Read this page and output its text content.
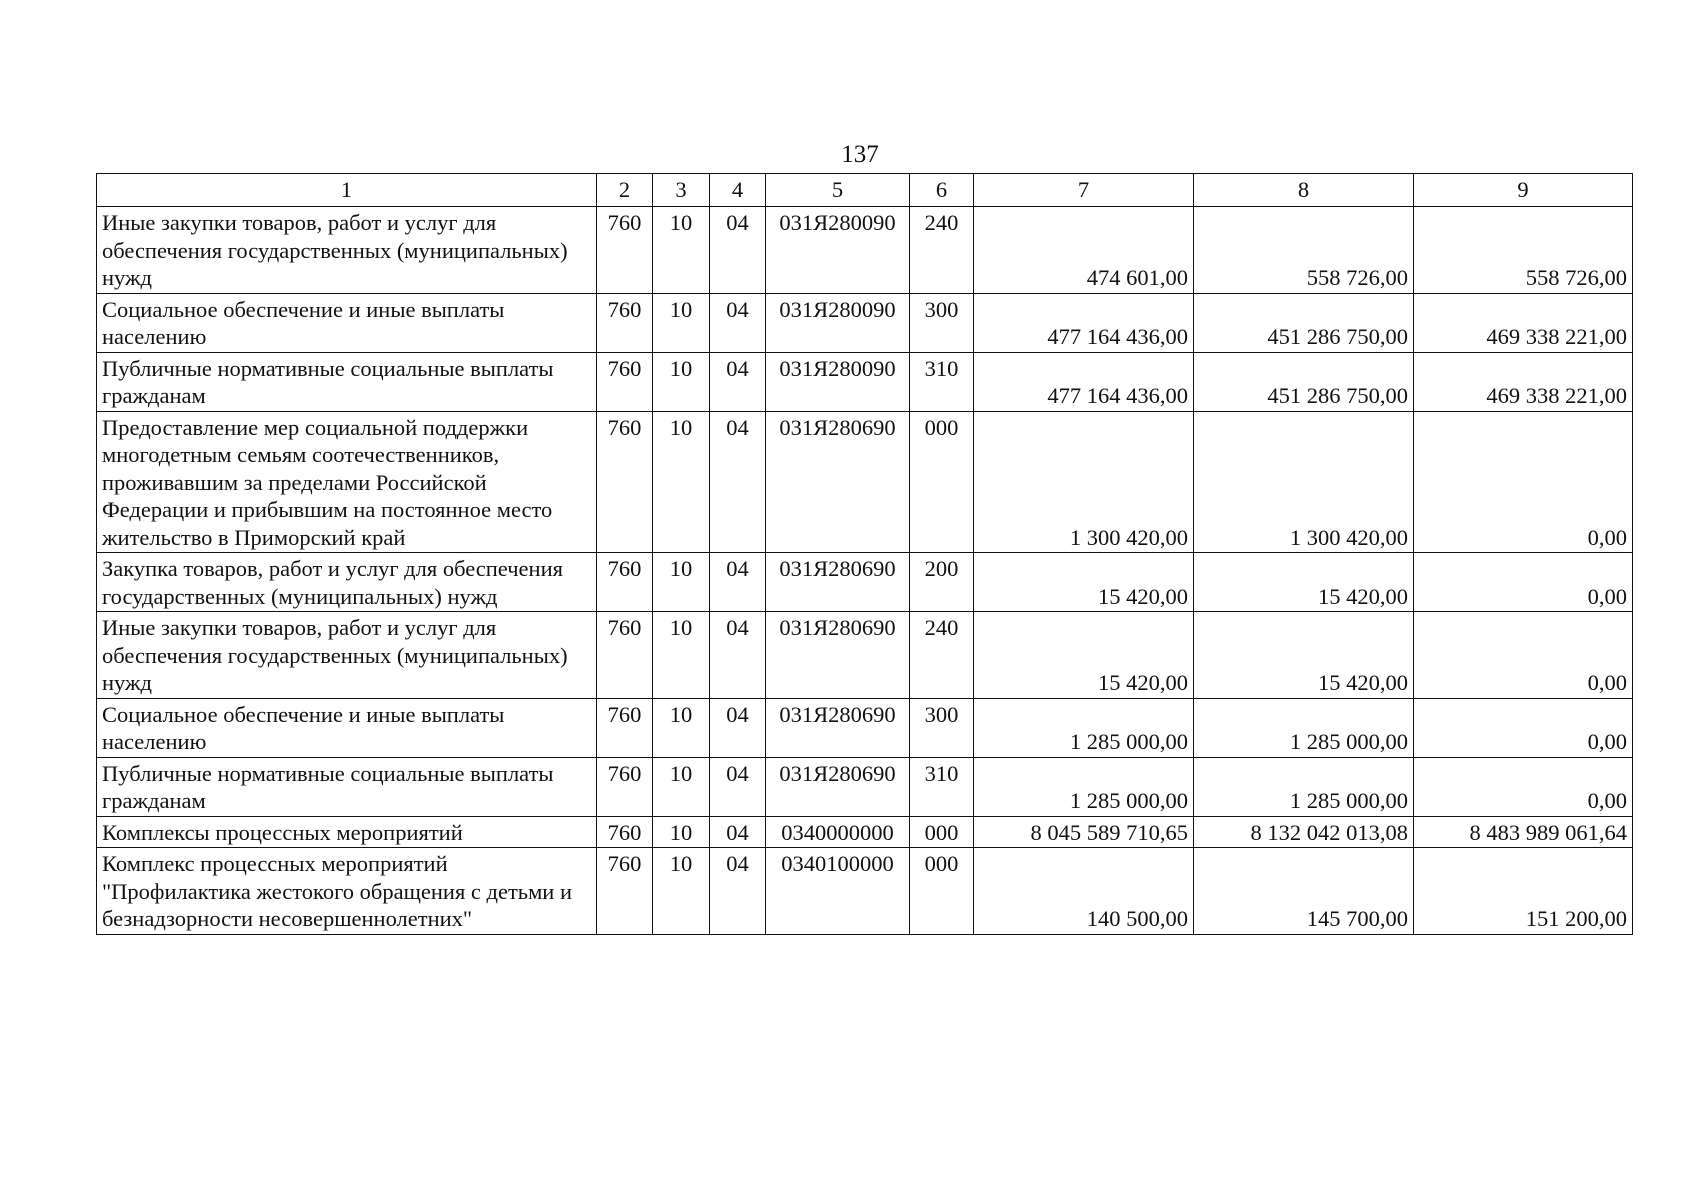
137
1	2	3	4	5	6	7	8	9
Иные закупки товаров, работ и услуг для обеспечения государственных (муниципальных) нужд	760	10	04	031Я280090	240	474 601,00	558 726,00	558 726,00
Социальное обеспечение и иные выплаты населению	760	10	04	031Я280090	300	477 164 436,00	451 286 750,00	469 338 221,00
Публичные нормативные социальные выплаты гражданам	760	10	04	031Я280090	310	477 164 436,00	451 286 750,00	469 338 221,00
Предоставление мер социальной поддержки многодетным семьям соотечественников, проживавшим за пределами Российской Федерации и прибывшим на постоянное место жительство в Приморский край	760	10	04	031Я280690	000	1 300 420,00	1 300 420,00	0,00
Закупка товаров, работ и услуг для обеспечения государственных (муниципальных) нужд	760	10	04	031Я280690	200	15 420,00	15 420,00	0,00
Иные закупки товаров, работ и услуг для обеспечения государственных (муниципальных) нужд	760	10	04	031Я280690	240	15 420,00	15 420,00	0,00
Социальное обеспечение и иные выплаты населению	760	10	04	031Я280690	300	1 285 000,00	1 285 000,00	0,00
Публичные нормативные социальные выплаты гражданам	760	10	04	031Я280690	310	1 285 000,00	1 285 000,00	0,00
Комплексы процессных мероприятий	760	10	04	0340000000	000	8 045 589 710,65	8 132 042 013,08	8 483 989 061,64
Комплекс процессных мероприятий "Профилактика жестокого обращения с детьми и безнадзорности несовершеннолетних"	760	10	04	0340100000	000	140 500,00	145 700,00	151 200,00
